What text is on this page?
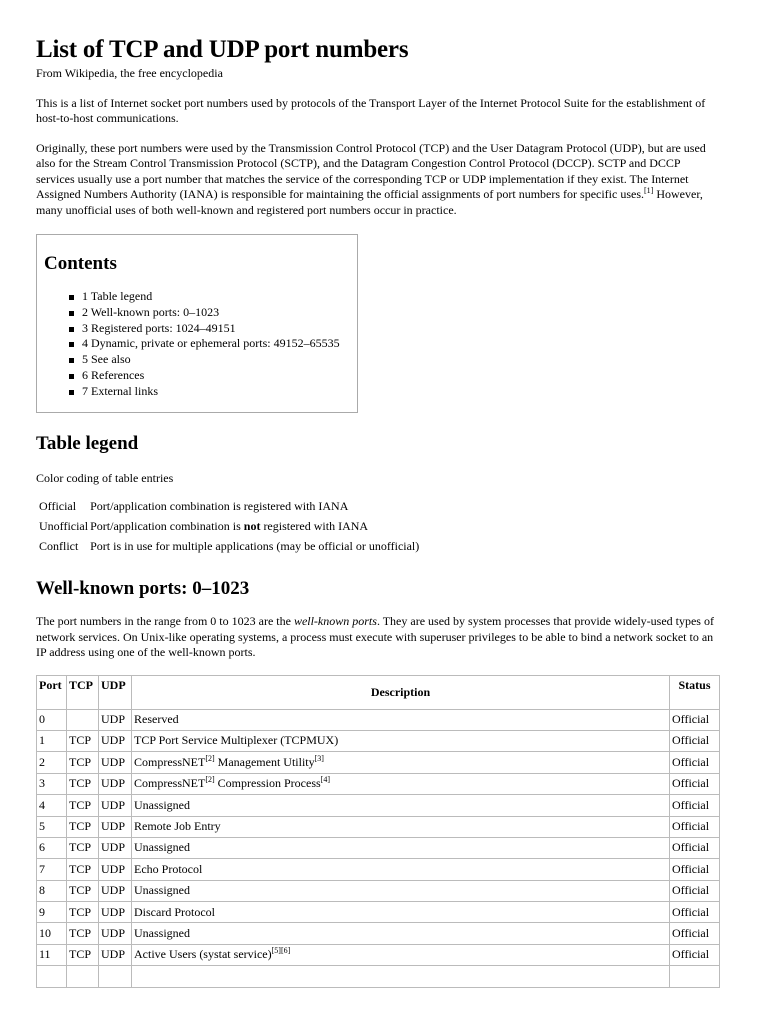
List of TCP and UDP port numbers
From Wikipedia, the free encyclopedia

This is a list of Internet socket port numbers used by protocols of the Transport Layer of the Internet Protocol Suite for the establishment of host-to-host communications.

Originally, these port numbers were used by the Transmission Control Protocol (TCP) and the User Datagram Protocol (UDP), but are used also for the Stream Control Transmission Protocol (SCTP), and the Datagram Congestion Control Protocol (DCCP). SCTP and DCCP services usually use a port number that matches the service of the corresponding TCP or UDP implementation if they exist. The Internet Assigned Numbers Authority (IANA) is responsible for maintaining the official assignments of port numbers for specific uses.[1] However, many unofficial uses of both well-known and registered port numbers occur in practice.

Contents
1 Table legend
2 Well-known ports: 0–1023
3 Registered ports: 1024–49151
4 Dynamic, private or ephemeral ports: 49152–65535
5 See also
6 References
7 External links
Table legend

Color coding of table entries

Official	Port/application combination is registered with IANA
Unofficial	Port/application combination is not registered with IANA
Conflict	Port is in use for multiple applications (may be official or unofficial)
Well-known ports: 0–1023

The port numbers in the range from 0 to 1023 are the well-known ports. They are used by system processes that provide widely-used types of network services. On Unix-like operating systems, a process must execute with superuser privileges to be able to bind a network socket to an IP address using one of the well-known ports.

Port	TCP	UDP	Description	Status
0		UDP	Reserved	Official
1	TCP	UDP	TCP Port Service Multiplexer (TCPMUX)	Official
2	TCP	UDP	CompressNET[2] Management Utility[3]	Official
3	TCP	UDP	CompressNET[2] Compression Process[4]	Official
4	TCP	UDP	Unassigned	Official
5	TCP	UDP	Remote Job Entry	Official
6	TCP	UDP	Unassigned	Official
7	TCP	UDP	Echo Protocol	Official
8	TCP	UDP	Unassigned	Official
9	TCP	UDP	Discard Protocol	Official
10	TCP	UDP	Unassigned	Official
11	TCP	UDP	Active Users (systat service)[5][6]	Official
